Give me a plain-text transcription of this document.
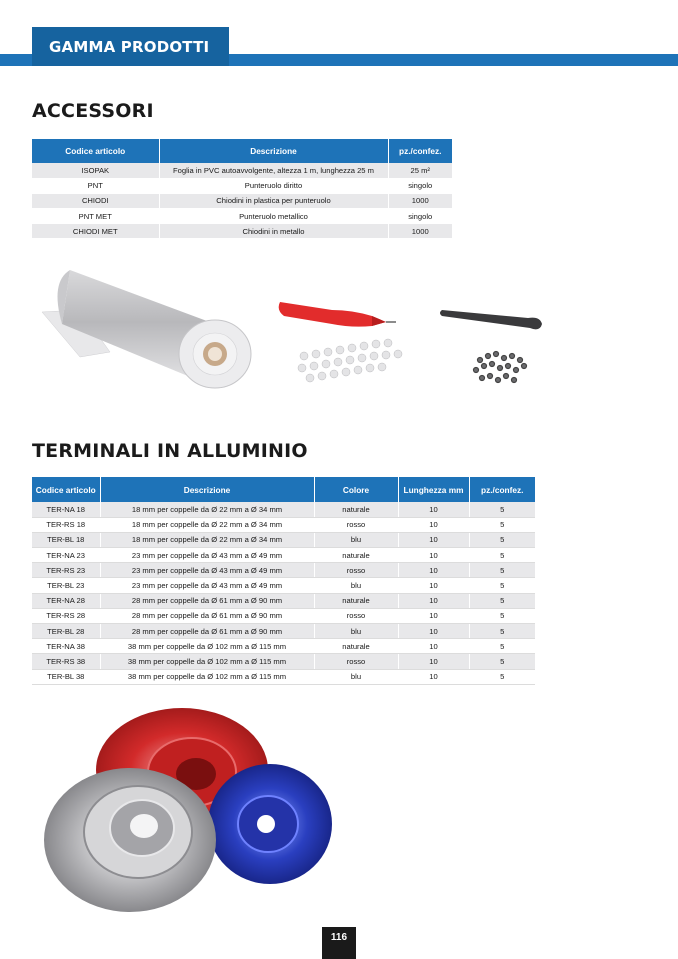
GAMMA PRODOTTI
ACCESSORI
Codice articolo	Descrizione	pz./confez.
ISOPAK	Foglia in PVC autoavvolgente, altezza 1 m, lunghezza 25 m	25 m²
PNT	Punteruolo diritto	singolo
CHIODI	Chiodini in plastica per punteruolo	1000
PNT MET	Punteruolo metallico	singolo
CHIODI MET	Chiodini in metallo	1000
TERMINALI IN ALLUMINIO
Codice articolo	Descrizione	Colore	Lunghezza mm	pz./confez.
TER-NA 18	18 mm per coppelle da Ø 22 mm a Ø 34 mm	naturale	10	5
TER-RS 18	18 mm per coppelle da Ø 22 mm a Ø 34 mm	rosso	10	5
TER-BL 18	18 mm per coppelle da Ø 22 mm a Ø 34 mm	blu	10	5
TER-NA 23	23 mm per coppelle da Ø 43 mm a Ø 49 mm	naturale	10	5
TER-RS 23	23 mm per coppelle da Ø 43 mm a Ø 49 mm	rosso	10	5
TER-BL 23	23 mm per coppelle da Ø 43 mm a Ø 49 mm	blu	10	5
TER-NA 28	28 mm per coppelle da Ø 61 mm a Ø 90 mm	naturale	10	5
TER-RS 28	28 mm per coppelle da Ø 61 mm a Ø 90 mm	rosso	10	5
TER-BL 28	28 mm per coppelle da Ø 61 mm a Ø 90 mm	blu	10	5
TER-NA 38	38 mm per coppelle da Ø 102 mm a Ø 115 mm	naturale	10	5
TER-RS 38	38 mm per coppelle da Ø 102 mm a Ø 115 mm	rosso	10	5
TER-BL 38	38 mm per coppelle da Ø 102 mm a Ø 115 mm	blu	10	5
116
